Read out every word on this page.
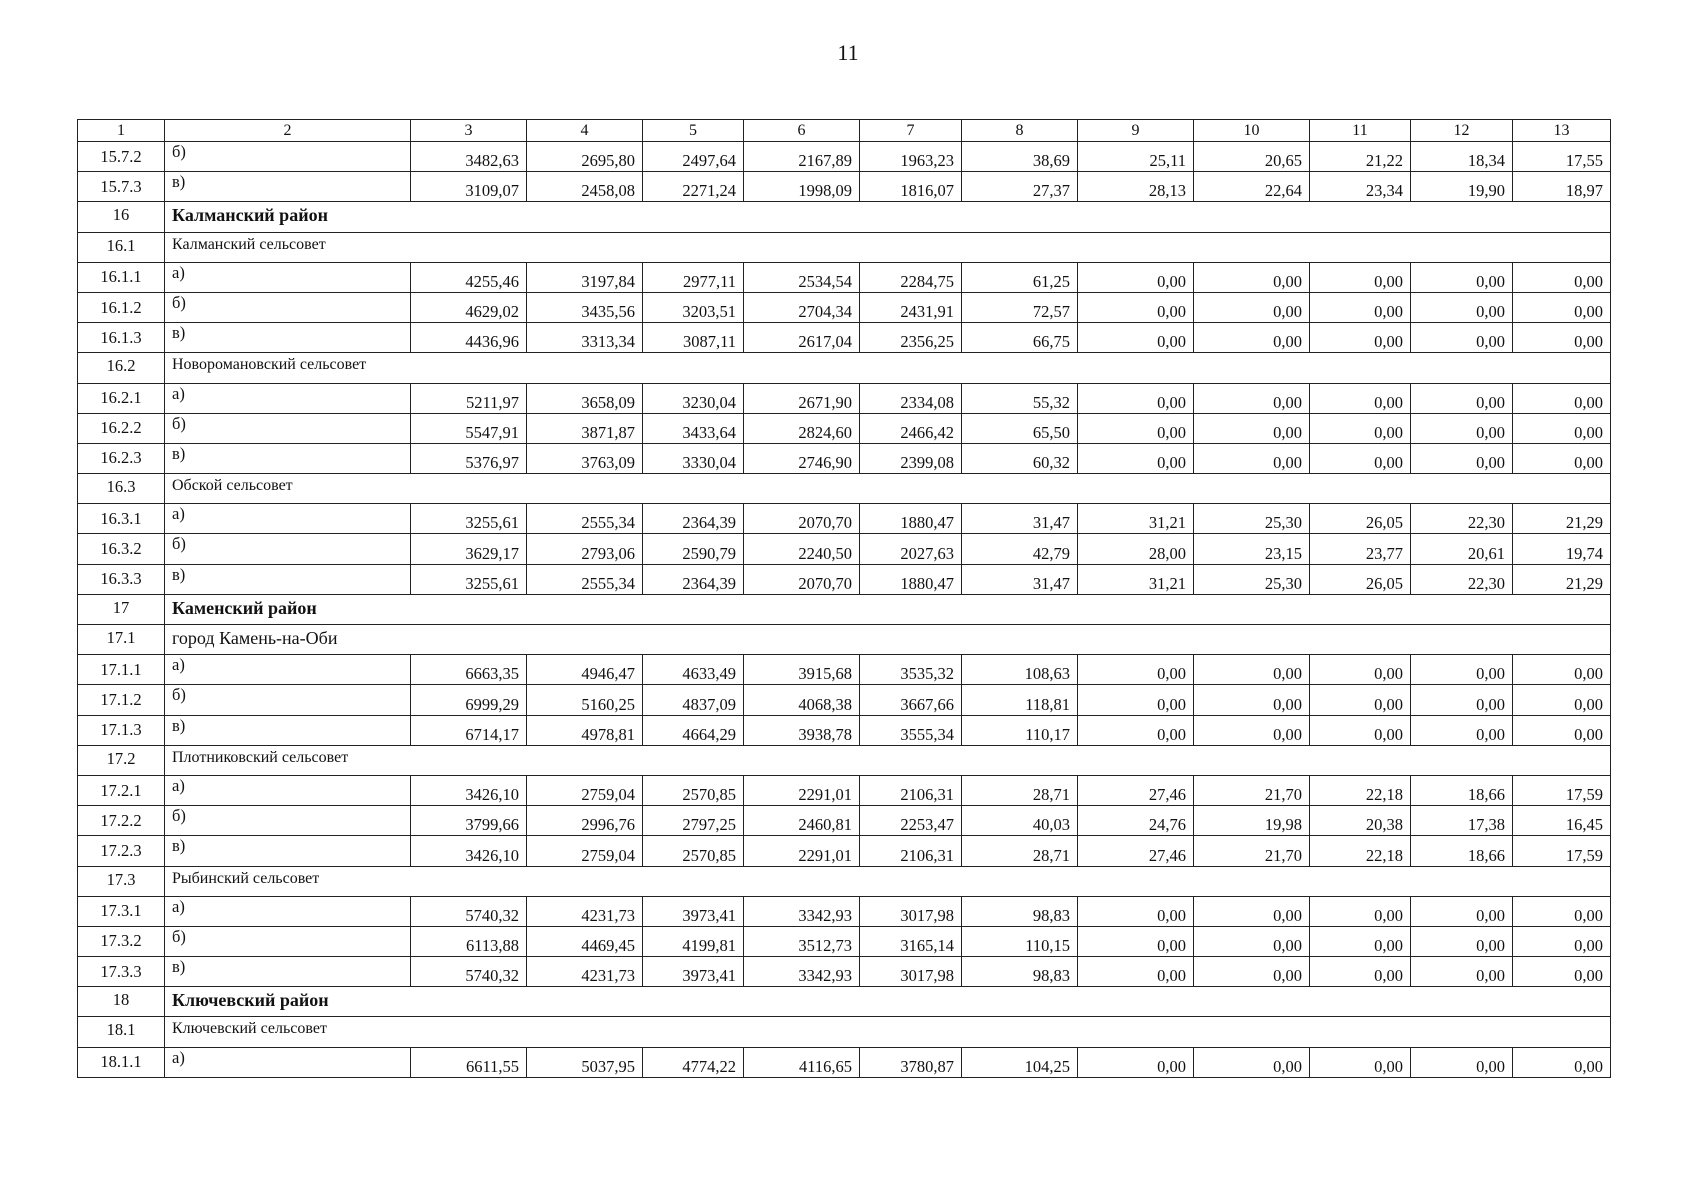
11
1	2	3	4	5	6	7	8	9	10	11	12	13
15.7.2	б)	3482,63	2695,80	2497,64	2167,89	1963,23	38,69	25,11	20,65	21,22	18,34	17,55
15.7.3	в)	3109,07	2458,08	2271,24	1998,09	1816,07	27,37	28,13	22,64	23,34	19,90	18,97
16	Калманский район											
16.1	Калманский сельсовет											
16.1.1	а)	4255,46	3197,84	2977,11	2534,54	2284,75	61,25	0,00	0,00	0,00	0,00	0,00
16.1.2	б)	4629,02	3435,56	3203,51	2704,34	2431,91	72,57	0,00	0,00	0,00	0,00	0,00
16.1.3	в)	4436,96	3313,34	3087,11	2617,04	2356,25	66,75	0,00	0,00	0,00	0,00	0,00
16.2	Новоромановский сельсовет											
16.2.1	а)	5211,97	3658,09	3230,04	2671,90	2334,08	55,32	0,00	0,00	0,00	0,00	0,00
16.2.2	б)	5547,91	3871,87	3433,64	2824,60	2466,42	65,50	0,00	0,00	0,00	0,00	0,00
16.2.3	в)	5376,97	3763,09	3330,04	2746,90	2399,08	60,32	0,00	0,00	0,00	0,00	0,00
16.3	Обской сельсовет											
16.3.1	а)	3255,61	2555,34	2364,39	2070,70	1880,47	31,47	31,21	25,30	26,05	22,30	21,29
16.3.2	б)	3629,17	2793,06	2590,79	2240,50	2027,63	42,79	28,00	23,15	23,77	20,61	19,74
16.3.3	в)	3255,61	2555,34	2364,39	2070,70	1880,47	31,47	31,21	25,30	26,05	22,30	21,29
17	Каменский район											
17.1	город Камень-на-Оби											
17.1.1	а)	6663,35	4946,47	4633,49	3915,68	3535,32	108,63	0,00	0,00	0,00	0,00	0,00
17.1.2	б)	6999,29	5160,25	4837,09	4068,38	3667,66	118,81	0,00	0,00	0,00	0,00	0,00
17.1.3	в)	6714,17	4978,81	4664,29	3938,78	3555,34	110,17	0,00	0,00	0,00	0,00	0,00
17.2	Плотниковский сельсовет											
17.2.1	а)	3426,10	2759,04	2570,85	2291,01	2106,31	28,71	27,46	21,70	22,18	18,66	17,59
17.2.2	б)	3799,66	2996,76	2797,25	2460,81	2253,47	40,03	24,76	19,98	20,38	17,38	16,45
17.2.3	в)	3426,10	2759,04	2570,85	2291,01	2106,31	28,71	27,46	21,70	22,18	18,66	17,59
17.3	Рыбинский сельсовет											
17.3.1	а)	5740,32	4231,73	3973,41	3342,93	3017,98	98,83	0,00	0,00	0,00	0,00	0,00
17.3.2	б)	6113,88	4469,45	4199,81	3512,73	3165,14	110,15	0,00	0,00	0,00	0,00	0,00
17.3.3	в)	5740,32	4231,73	3973,41	3342,93	3017,98	98,83	0,00	0,00	0,00	0,00	0,00
18	Ключевский район											
18.1	Ключевский сельсовет											
18.1.1	а)	6611,55	5037,95	4774,22	4116,65	3780,87	104,25	0,00	0,00	0,00	0,00	0,00
